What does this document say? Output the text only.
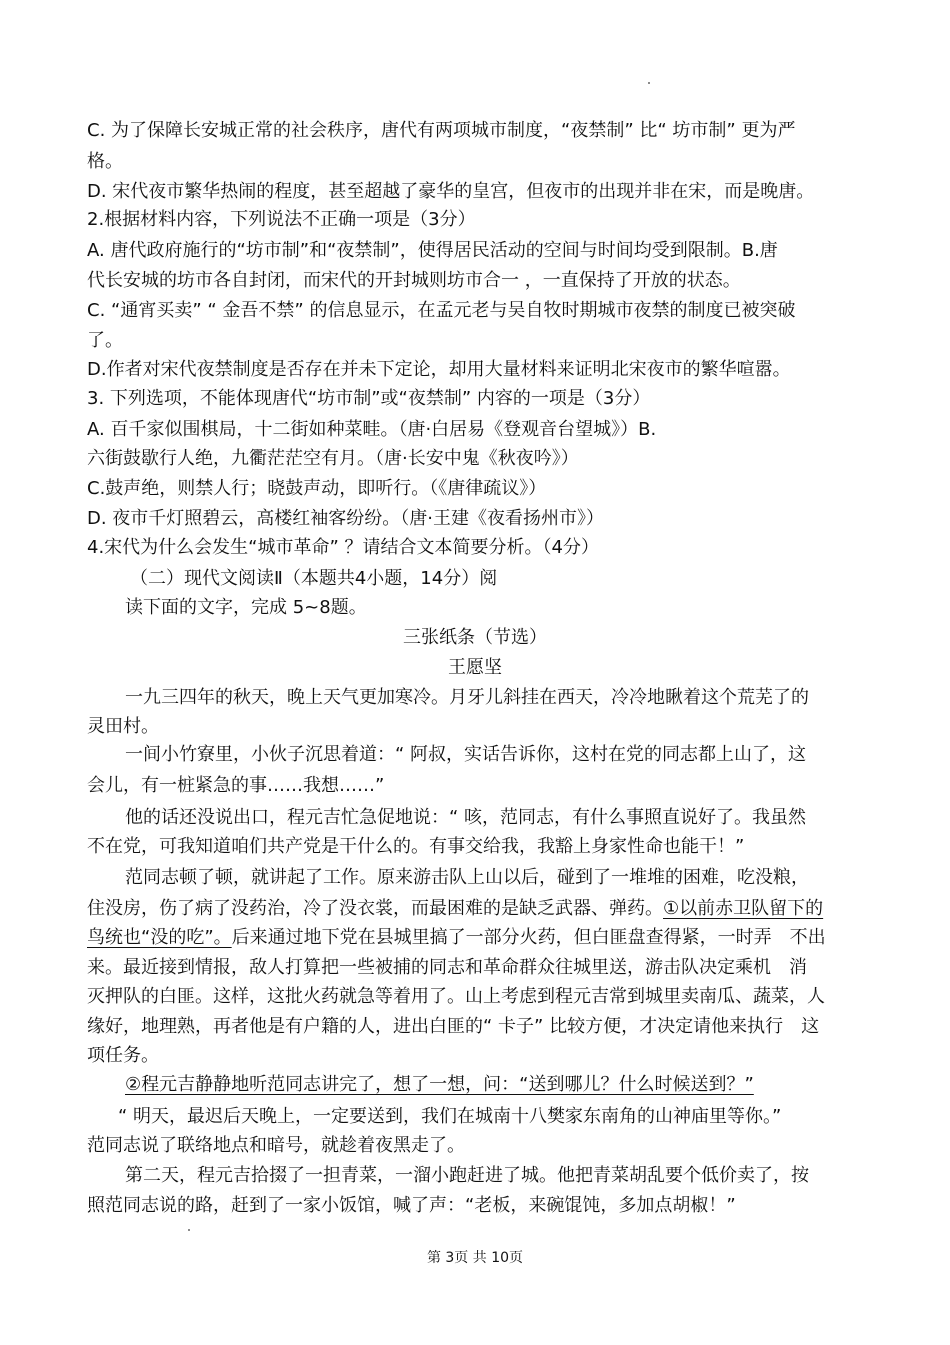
C. 为了保障长安城正常的社会秩序，唐代有两项城市制度，“夜禁制” 比“ 坊市制” 更为严
格。
D. 宋代夜市繁华热闹的程度，甚至超越了豪华的皇宫，但夜市的出现并非在宋，而是晚唐。
2.根据材料内容，下列说法不正确一项是（3分）
A. 唐代政府施行的“坊市制”和“夜禁制”，使得居民活动的空间与时间均受到限制。B.唐
代长安城的坊市各自封闭，而宋代的开封城则坊市合一 ，一直保持了开放的状态。
C. “通宵买卖” “ 金吾不禁” 的信息显示，在孟元老与吴自牧时期城市夜禁的制度已被突破
了。
D.作者对宋代夜禁制度是否存在并未下定论，却用大量材料来证明北宋夜市的繁华喧嚣。
3. 下列选项，不能体现唐代“坊市制”或“夜禁制” 内容的一项是（3分）
A. 百千家似围棋局，十二街如种菜畦。（唐·白居易《登观音台望城》）B.
六街鼓歇行人绝，九衢茫茫空有月。（唐·长安中鬼《秋夜吟》）
C.鼓声绝，则禁人行；晓鼓声动，即听行。（《唐律疏议》）
D. 夜市千灯照碧云，高楼红袖客纷纷。（唐·王建《夜看扬州市》）
4.宋代为什么会发生“城市革命” ？请结合文本简要分析。（4分）
（二）现代文阅读Ⅱ（本题共4小题，14分）阅
读下面的文字，完成 5~8题。
三张纸条（节选）
王愿坚
一九三四年的秋天，晚上天气更加寒冷。月牙儿斜挂在西天，冷冷地瞅着这个荒芜了的
灵田村。
一间小竹寮里，小伙子沉思着道：“ 阿叔，实话告诉你，这村在党的同志都上山了，这
会儿，有一桩紧急的事……我想……”
他的话还没说出口，程元吉忙急促地说：“ 咳，范同志，有什么事照直说好了。我虽然
不在党，可我知道咱们共产党是干什么的。有事交给我，我豁上身家性命也能干！”
范同志顿了顿，就讲起了工作。原来游击队上山以后，碰到了一堆堆的困难，吃没粮，
住没房，伤了病了没药治，冷了没衣裳，而最困难的是缺乏武器、弹药。①以前赤卫队留下的
鸟统也“没的吃”。后来通过地下党在县城里搞了一部分火药，但白匪盘查得紧，一时弄　不出
来。最近接到情报，敌人打算把一些被捕的同志和革命群众往城里送，游击队决定乘机　消
灭押队的白匪。这样，这批火药就急等着用了。山上考虑到程元吉常到城里卖南瓜、蔬菜，人
缘好，地理熟，再者他是有户籍的人，进出白匪的“ 卡子” 比较方便，才决定请他来执行　这
项任务。
②程元吉静静地听范同志讲完了，想了一想，问：“送到哪儿？什么时候送到？”
“ 明天，最迟后天晚上，一定要送到，我们在城南十八樊家东南角的山神庙里等你。”
范同志说了联络地点和暗号，就趁着夜黑走了。
第二天，程元吉拾掇了一担青菜，一溜小跑赶进了城。他把青菜胡乱要个低价卖了，按
照范同志说的路，赶到了一家小饭馆，喊了声：“老板，来碗馄饨，多加点胡椒！”
第 3页 共 10页
